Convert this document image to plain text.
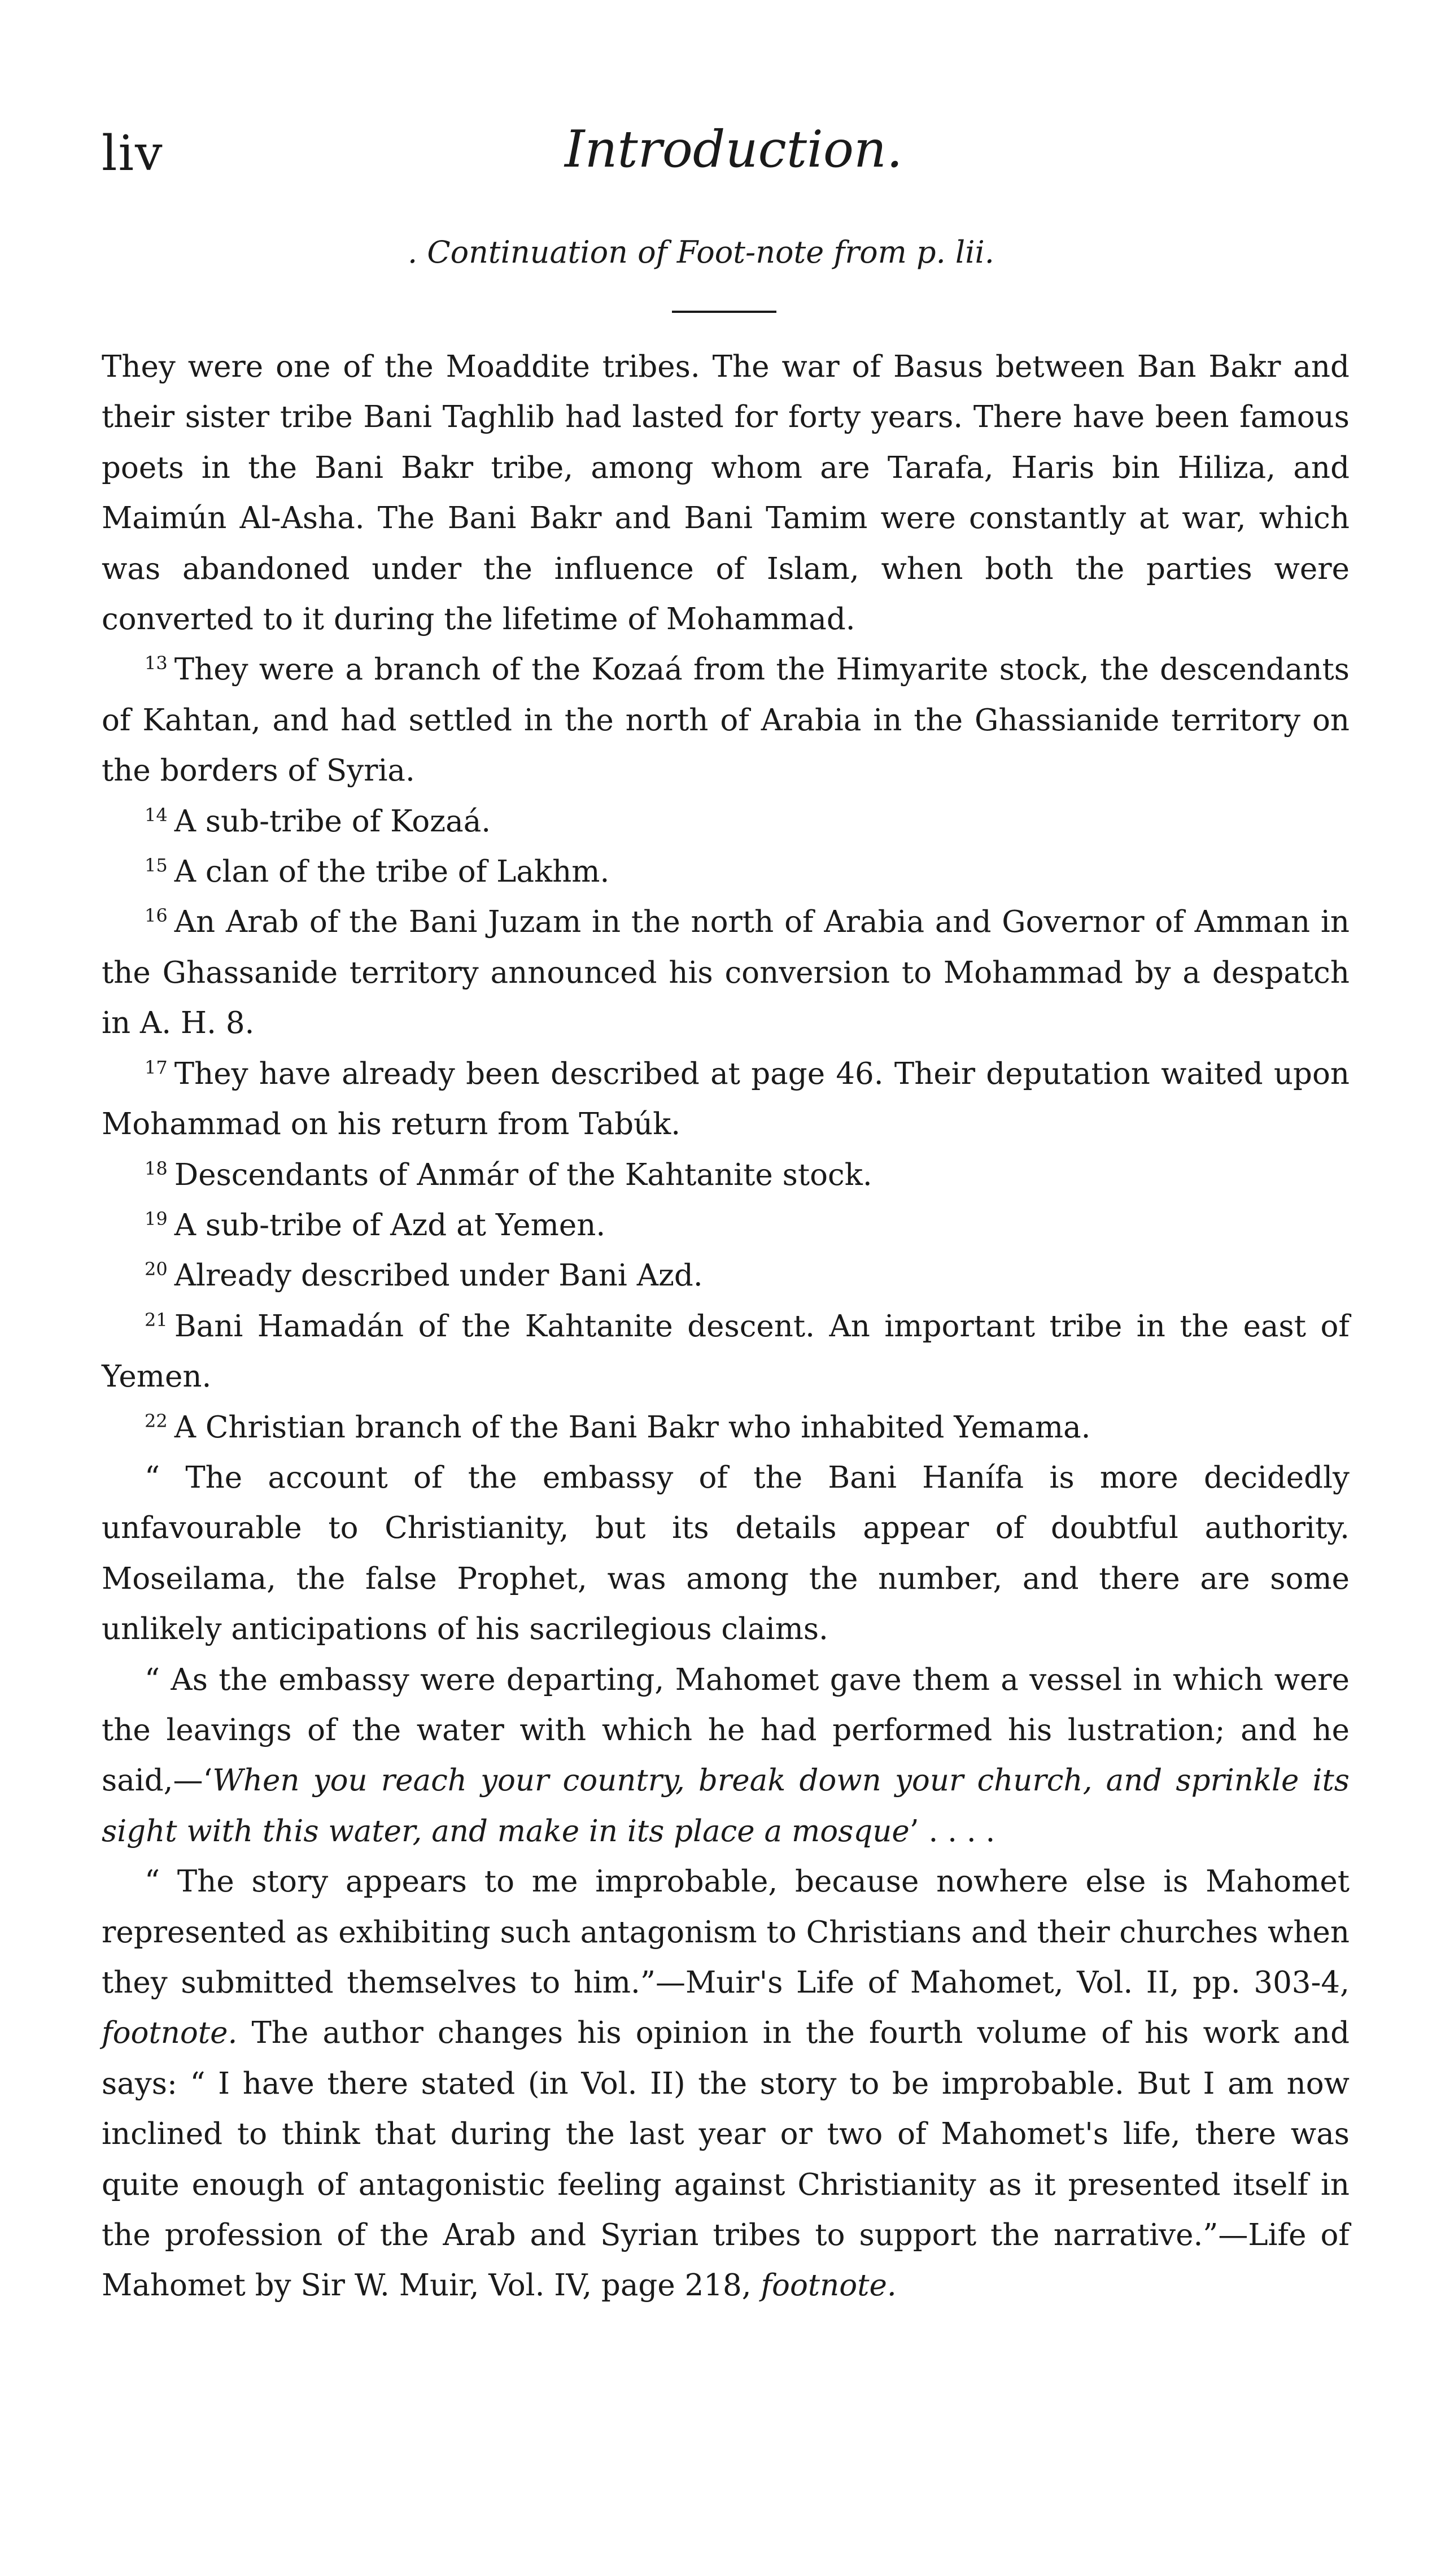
liv	Introduction.
. Continuation of Foot-note from p. lii.

They were one of the Moaddite tribes. The war of Basus between Ban Bakr and their sister tribe Bani Taghlib had lasted for forty years. There have been famous poets in the Bani Bakr tribe, among whom are Tarafa, Haris bin Hiliza, and Maimún Al-Asha. The Bani Bakr and Bani Tamim were constantly at war, which was abandoned under the influence of Islam, when both the parties were converted to it during the lifetime of Mohammad.

$^{13}$ They were a branch of the Kozaá from the Himyarite stock, the descendants of Kahtan, and had settled in the north of Arabia in the Ghassianide territory on the borders of Syria.

$^{14}$ A sub-tribe of Kozaá.

$^{15}$ A clan of the tribe of Lakhm.

$^{16}$ An Arab of the Bani Juzam in the north of Arabia and Governor of Amman in the Ghassanide territory announced his conversion to Mohammad by a despatch in A. H. 8.

$^{17}$ They have already been described at page 46. Their deputation waited upon Mohammad on his return from Tabúk.

$^{18}$ Descendants of Anmár of the Kahtanite stock.

$^{19}$ A sub-tribe of Azd at Yemen.

$^{20}$ Already described under Bani Azd.

$^{21}$ Bani Hamadán of the Kahtanite descent. An important tribe in the east of Yemen.

$^{22}$ A Christian branch of the Bani Bakr who inhabited Yemama.

“ The account of the embassy of the Bani Hanífa is more decidedly unfavourable to Christianity, but its details appear of doubtful authority. Moseilama, the false Prophet, was among the number, and there are some unlikely anticipations of his sacrilegious claims.

“ As the embassy were departing, Mahomet gave them a vessel in which were the leavings of the water with which he had performed his lustration; and he said,—‘When you reach your country, break down your church, and sprinkle its sight with this water, and make in its place a mosque’ . . . .

“ The story appears to me improbable, because nowhere else is Mahomet represented as exhibiting such antagonism to Christians and their churches when they submitted themselves to him.”—Muir's Life of Mahomet, Vol. II, pp. 303-4, footnote. The author changes his opinion in the fourth volume of his work and says: “ I have there stated (in Vol. II) the story to be improbable. But I am now inclined to think that during the last year or two of Mahomet's life, there was quite enough of antagonistic feeling against Christianity as it presented itself in the profession of the Arab and Syrian tribes to support the narrative.”—Life of Mahomet by Sir W. Muir, Vol. IV, page 218, footnote.
